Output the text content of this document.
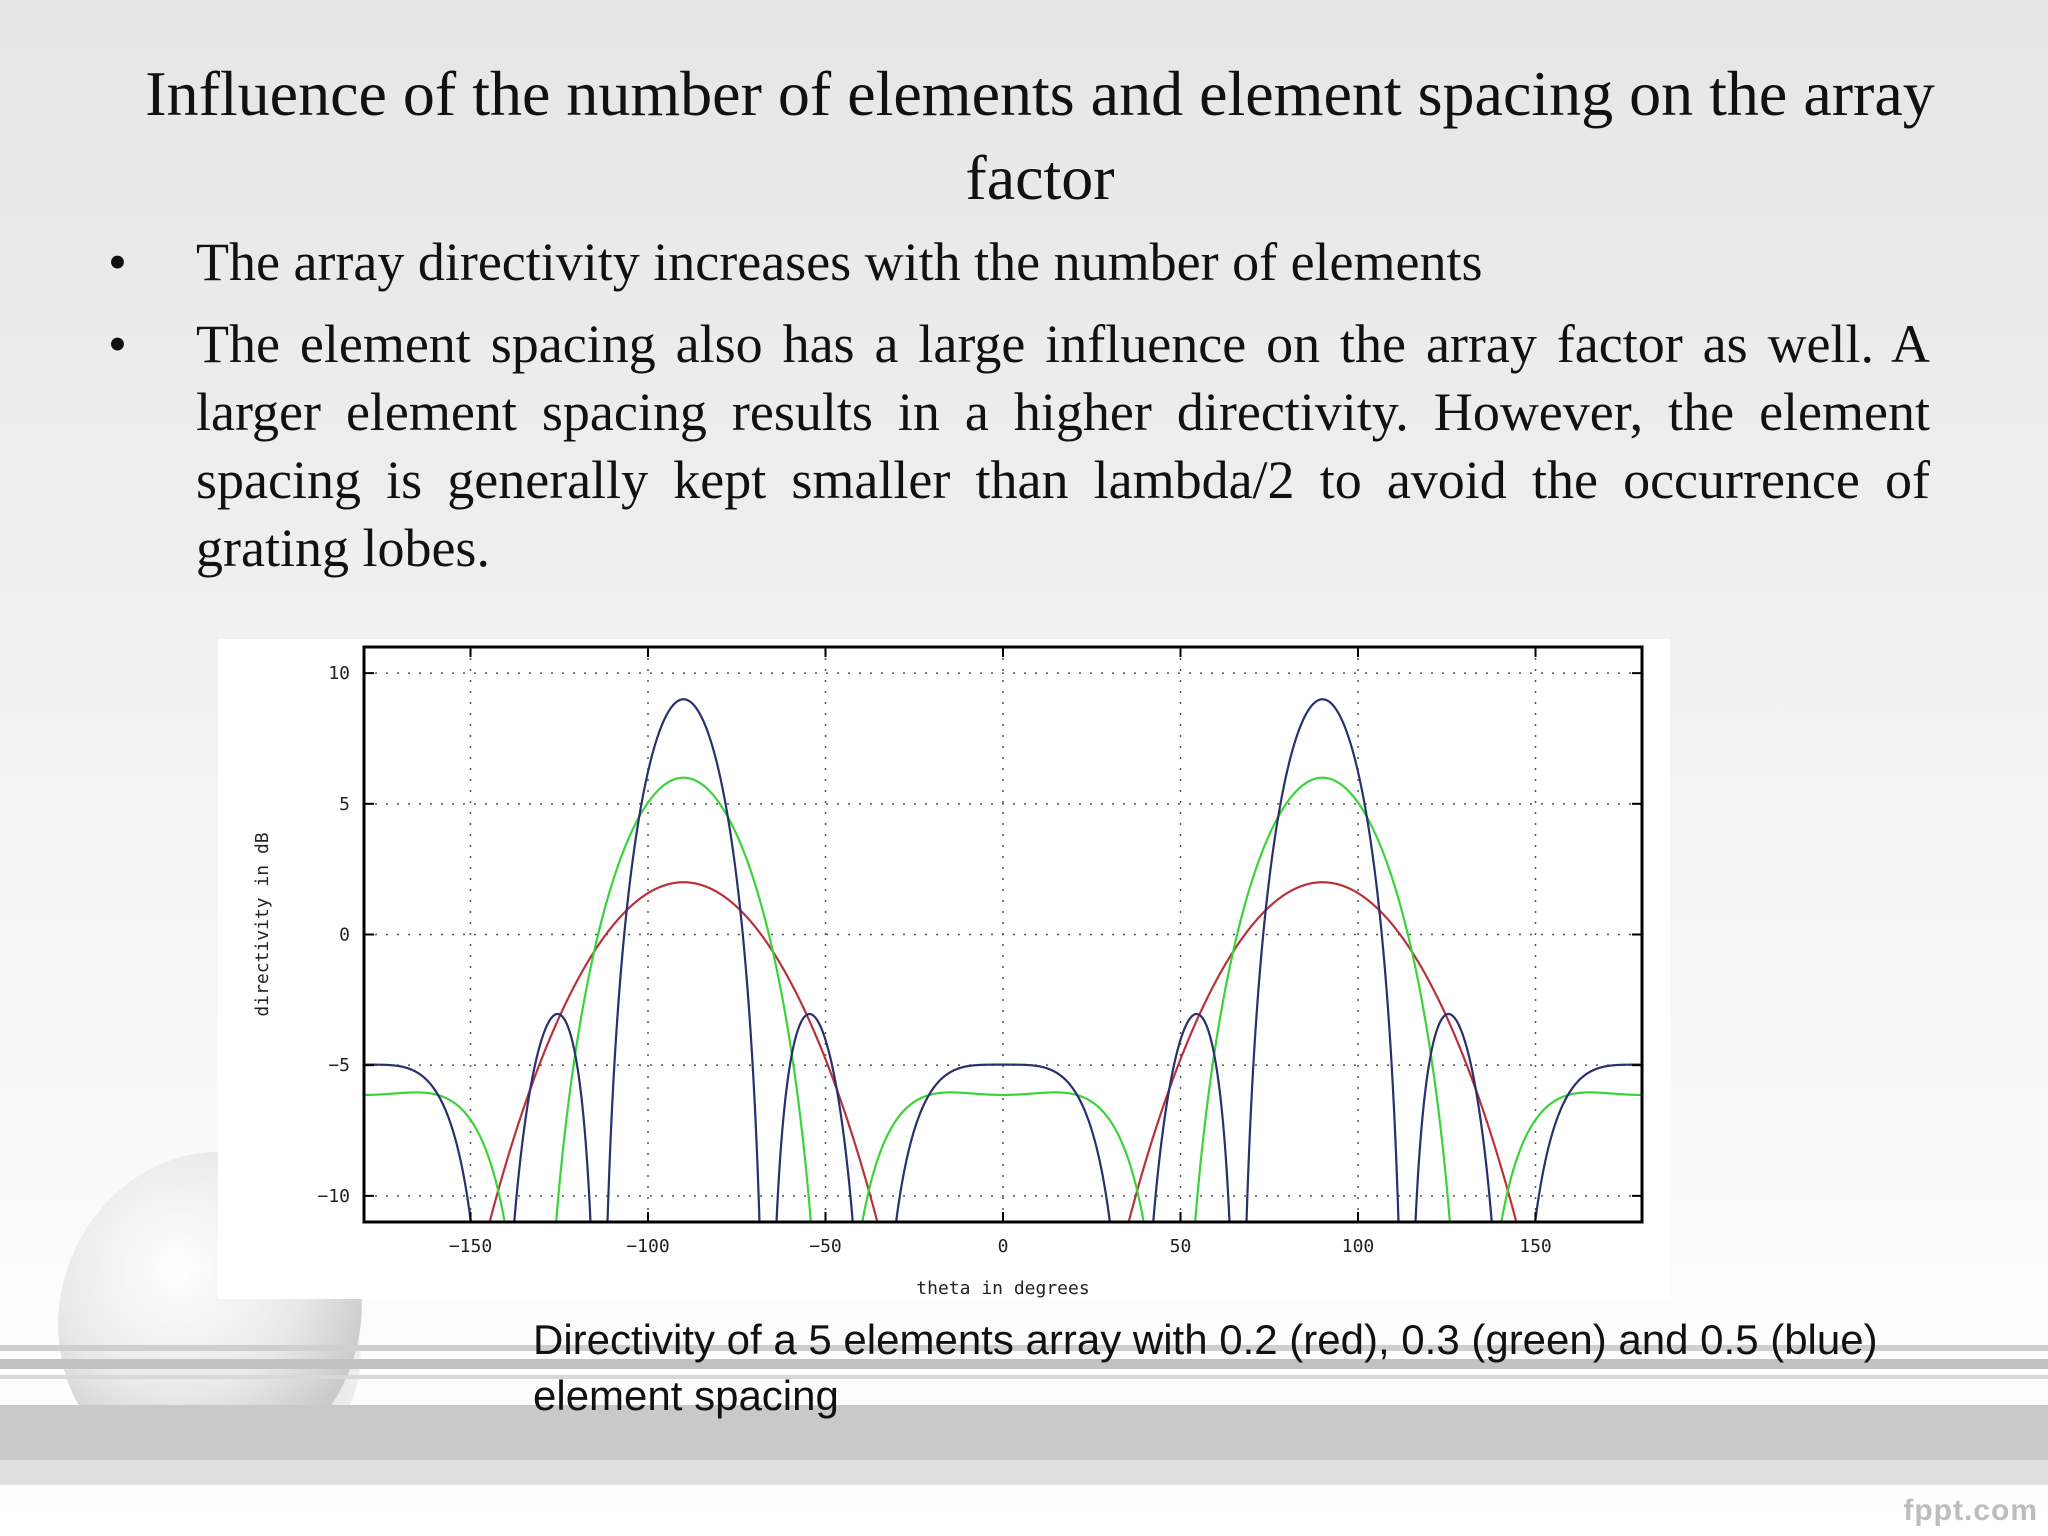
Influence of the number of elements and element spacing on the array factor
•	The array directivity increases with the number of elements
•	The element spacing also has a large influence on the array factor as well. A larger element spacing results in a higher directivity. However, the element spacing is generally kept smaller than lambda/2 to avoid the occurrence of grating lobes.
−150	−100	−50	0	50	100	150
−10
−5
0
5
10
theta in degrees
directivity in dB
Directivity of a 5 elements array with 0.2 (red), 0.3 (green) and 0.5 (blue) element spacing
fppt.com
